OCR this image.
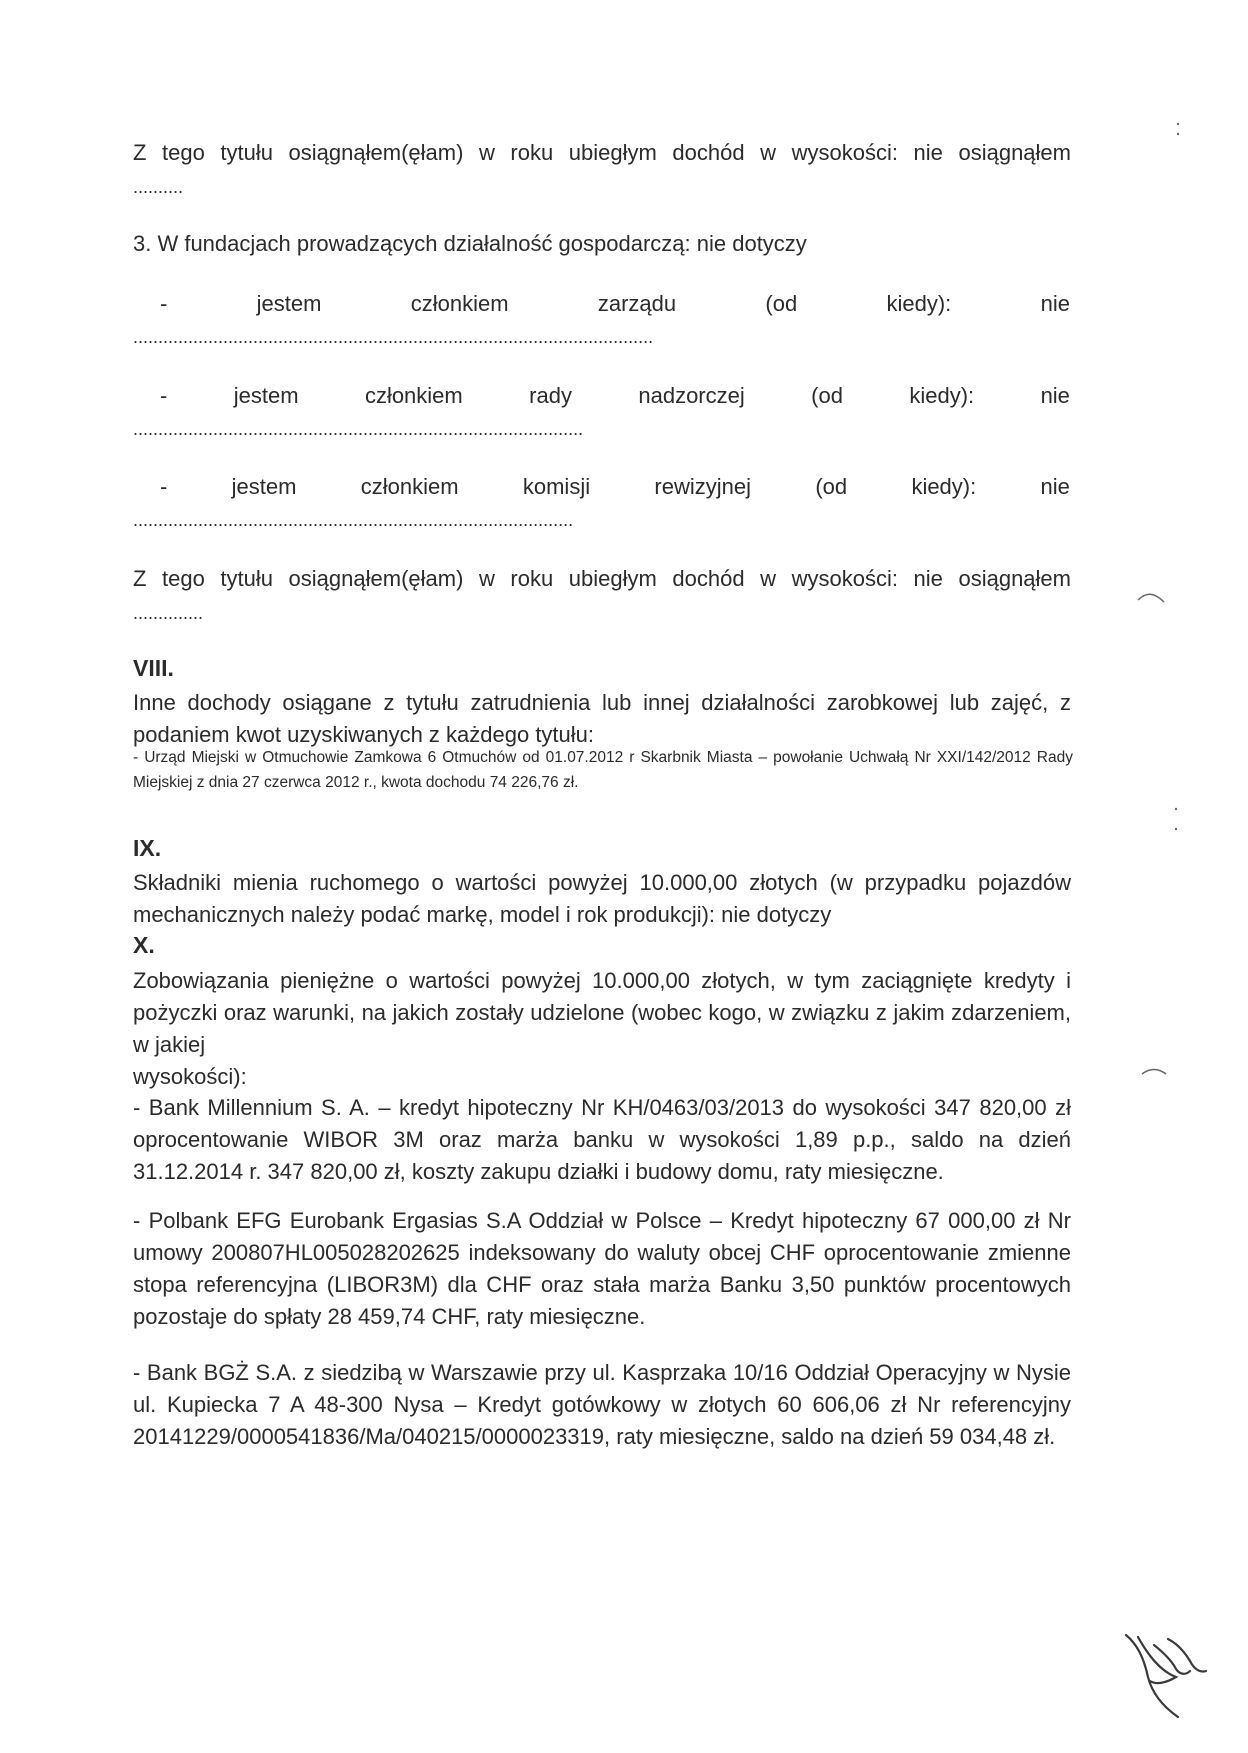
Z tego tytułu osiągnąłem(ęłam) w roku ubiegłym dochód w wysokości: nie osiągnąłem

..........
3. W fundacjach prowadzących działalność gospodarczą: nie dotyczy
-	jestem	członkiem	zarządu	(od	kiedy):	nie
........................................................................................................
-	jestem	członkiem	rady	nadzorczej	(od	kiedy):	nie
..........................................................................................
-	jestem	członkiem	komisji	rewizyjnej	(od	kiedy):	nie
........................................................................................

Z tego tytułu osiągnąłem(ęłam) w roku ubiegłym dochód w wysokości: nie osiągnąłem

..............
VIII.
Inne dochody osiągane z tytułu zatrudnienia lub innej działalności zarobkowej lub zajęć, z podaniem kwot uzyskiwanych z każdego tytułu:
- Urząd Miejski w Otmuchowie Zamkowa 6 Otmuchów od 01.07.2012 r Skarbnik Miasta – powołanie Uchwałą Nr XXI/142/2012 Rady Miejskiej z dnia 27 czerwca 2012 r., kwota dochodu 74 226,76 zł.
IX.
Składniki mienia ruchomego o wartości powyżej 10.000,00 złotych (w przypadku pojazdów mechanicznych należy podać markę, model i rok produkcji): nie dotyczy
X.
Zobowiązania pieniężne o wartości powyżej 10.000,00 złotych, w tym zaciągnięte kredyty i pożyczki oraz warunki, na jakich zostały udzielone (wobec kogo, w związku z jakim zdarzeniem, w jakiej
wysokości):
- Bank Millennium S. A. – kredyt hipoteczny Nr KH/0463/03/2013 do wysokości 347 820,00 zł oprocentowanie WIBOR 3M oraz marża banku w wysokości 1,89 p.p., saldo na dzień 31.12.2014 r. 347 820,00 zł, koszty zakupu działki i budowy domu, raty miesięczne.
- Polbank EFG Eurobank Ergasias S.A Oddział w Polsce – Kredyt hipoteczny 67 000,00 zł Nr umowy 200807HL005028202625 indeksowany do waluty obcej CHF oprocentowanie zmienne stopa referencyjna (LIBOR3M) dla CHF oraz stała marża Banku 3,50 punktów procentowych pozostaje do spłaty 28 459,74 CHF, raty miesięczne.
- Bank BGŻ S.A. z siedzibą w Warszawie przy ul. Kasprzaka 10/16 Oddział Operacyjny w Nysie ul. Kupiecka 7 A 48-300 Nysa – Kredyt gotówkowy w złotych 60 606,06 zł Nr referencyjny 20141229/0000541836/Ma/040215/0000023319, raty miesięczne, saldo na dzień 59 034,48 zł.
